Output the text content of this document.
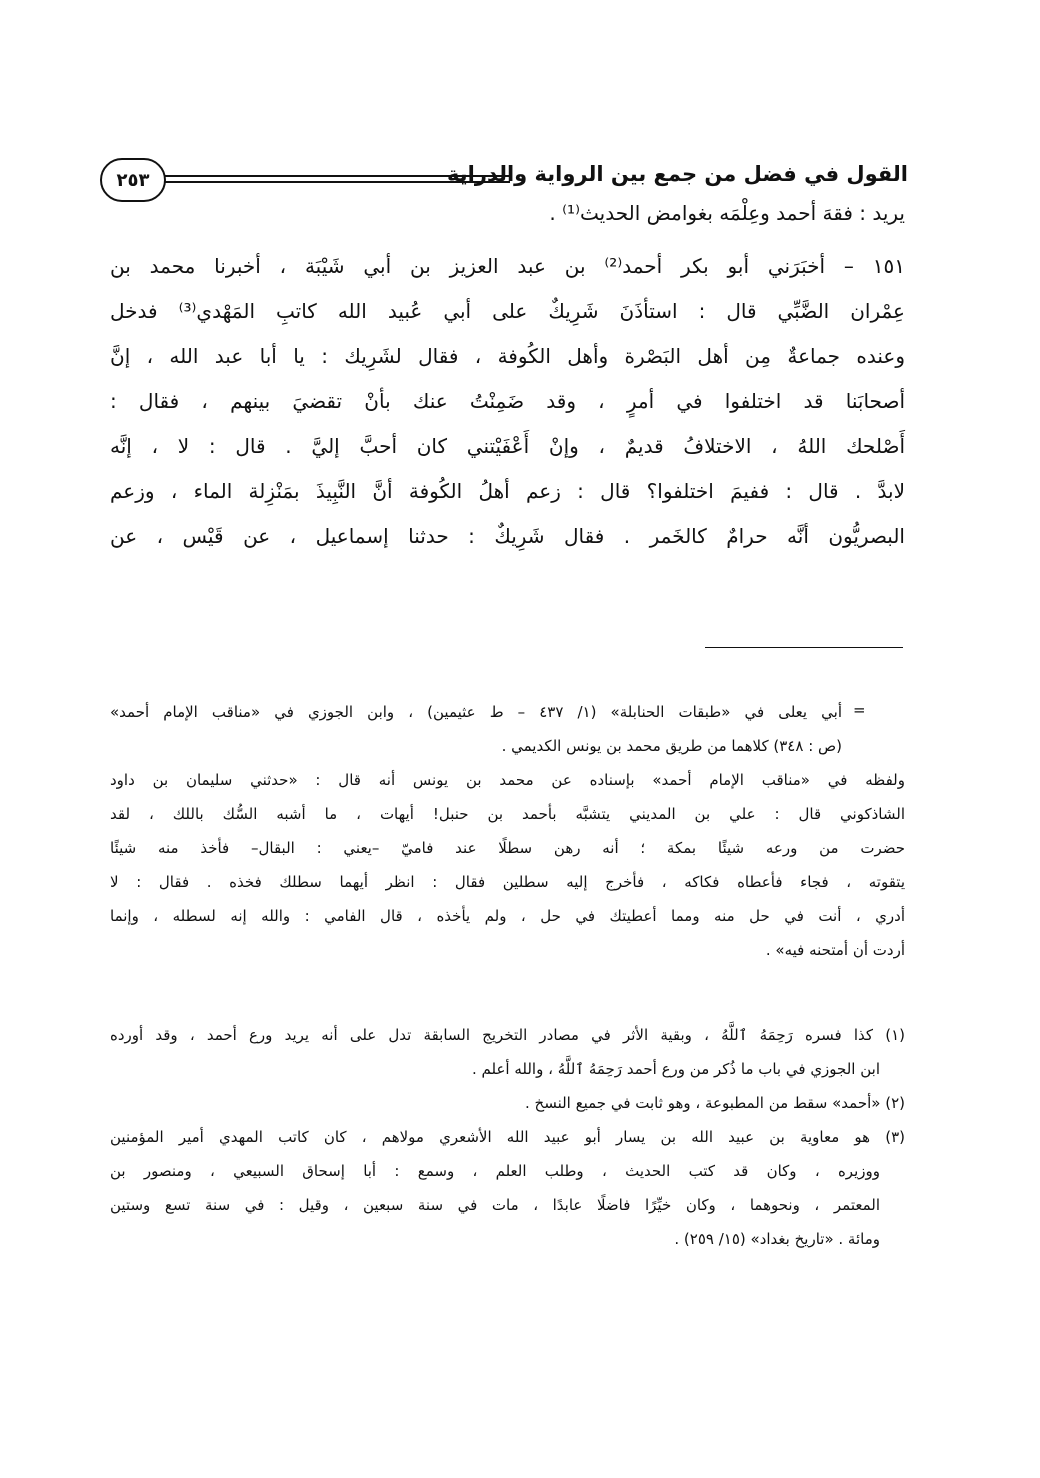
٢٥٣	القول في فضل من جمع بين الرواية والدراية
يريد : فقهَ أحمد وعِلْمَه بغوامض الحديث⁽¹⁾ .
١٥١ – أخبَرَني أبو بكر أحمد⁽²⁾ بن عبد العزيز بن أبي شَيْبَة ، أخبرنا محمد بن
عِمْران الضَّبِّي قال : استأذَنَ شَرِيكٌ على أبي عُبيد الله كاتبِ المَهْدي⁽³⁾ فدخل
وعنده جماعةٌ مِن أهل البَصْرة وأهل الكُوفة ، فقال لشَرِيك : يا أبا عبد الله ، إنَّ
أصحابَنا قد اختلفوا في أمرٍ ، وقد ضَمِنْتُ عنك بأنْ تقضيَ بينهم ، فقال :
أَصْلحك اللهُ ، الاختلافُ قديمٌ ، وإنْ أَعْفَيْتني كان أحبَّ إليَّ . قال : لا ، إنَّه
لابدَّ . قال : ففيمَ اختلفوا؟ قال : زعم أهلُ الكُوفة أنَّ النَّبِيذَ بمَنْزِلة الماء ، وزعم
البصريُّون أنَّه حرامٌ كالخَمر . فقال شَرِيكٌ : حدثنا إسماعيل ، عن قَيْس ، عن
=
أبي يعلى في «طبقات الحنابلة» (١/ ٤٣٧ – ط عثيمين) ، وابن الجوزي في «مناقب الإمام أحمد»
(ص : ٣٤٨) كلاهما من طريق محمد بن يونس الكديمي .
ولفظه في «مناقب الإمام أحمد» بإسناده عن محمد بن يونس أنه قال : «حدثني سليمان بن داود
الشاذكوني قال : علي بن المديني يتشبَّه بأحمد بن حنبل! أيهات ، ما أشبه السُّك باللك ، لقد
حضرت من ورعه شيئًا بمكة ؛ أنه رهن سطلًا عند فاميّ –يعني : البقال– فأخذ منه شيئًا
يتقوته ، فجاء فأعطاه فكاكه ، فأخرج إليه سطلين فقال : انظر أيهما سطلك فخذه . فقال : لا
أدري ، أنت في حل منه ومما أعطيتك في حل ، ولم يأخذه ، قال الفامي : والله إنه لسطله ، وإنما
أردت أن أمتحنه فيه» .
(١) كذا فسره رَحِمَهُ ٱللَّهُ ، وبقية الأثر في مصادر التخريج السابقة تدل على أنه يريد ورع أحمد ، وقد أورده
ابن الجوزي في باب ما ذُكر من ورع أحمد رَحِمَهُ ٱللَّهُ ، والله أعلم .
(٢) «أحمد» سقط من المطبوعة ، وهو ثابت في جميع النسخ .
(٣) هو معاوية بن عبيد الله بن يسار أبو عبيد الله الأشعري مولاهم ، كان كاتب المهدي أمير المؤمنين
ووزيره ، وكان قد كتب الحديث ، وطلب العلم ، وسمع : أبا إسحاق السبيعي ، ومنصور بن
المعتمر ، ونحوهما ، وكان خيِّرًا فاضلًا عابدًا ، مات في سنة سبعين ، وقيل : في سنة تسع وستين
ومائة . «تاريخ بغداد» (١٥/ ٢٥٩) .
